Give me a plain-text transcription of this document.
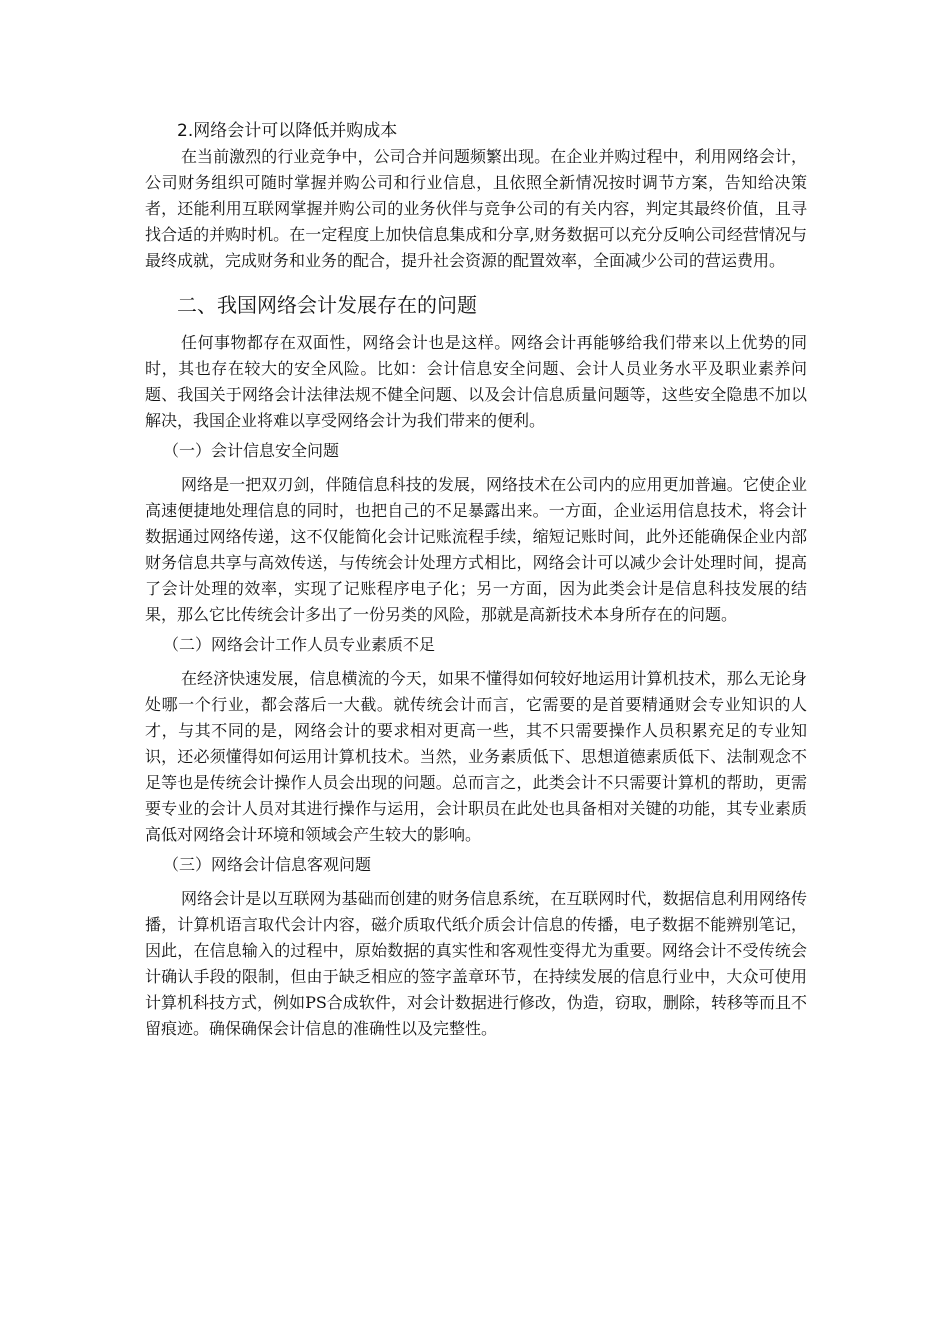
2.网络会计可以降低并购成本
在当前激烈的行业竞争中，公司合并问题频繁出现。在企业并购过程中，利用网络会计，公司财务组织可随时掌握并购公司和行业信息，且依照全新情况按时调节方案，告知给决策者，还能利用互联网掌握并购公司的业务伙伴与竞争公司的有关内容，判定其最终价值，且寻找合适的并购时机。在一定程度上加快信息集成和分享,财务数据可以充分反响公司经营情况与最终成就，完成财务和业务的配合，提升社会资源的配置效率，全面减少公司的营运费用。
二、我国网络会计发展存在的问题
任何事物都存在双面性，网络会计也是这样。网络会计再能够给我们带来以上优势的同时，其也存在较大的安全风险。比如：会计信息安全问题、会计人员业务水平及职业素养问题、我国关于网络会计法律法规不健全问题、以及会计信息质量问题等，这些安全隐患不加以解决，我国企业将难以享受网络会计为我们带来的便利。
（一）会计信息安全问题
网络是一把双刃剑，伴随信息科技的发展，网络技术在公司内的应用更加普遍。它使企业高速便捷地处理信息的同时，也把自己的不足暴露出来。一方面，企业运用信息技术，将会计数据通过网络传递，这不仅能简化会计记账流程手续，缩短记账时间，此外还能确保企业内部财务信息共享与高效传送，与传统会计处理方式相比，网络会计可以减少会计处理时间，提高了会计处理的效率，实现了记账程序电子化；另一方面，因为此类会计是信息科技发展的结果，那么它比传统会计多出了一份另类的风险，那就是高新技术本身所存在的问题。
（二）网络会计工作人员专业素质不足
在经济快速发展，信息横流的今天，如果不懂得如何较好地运用计算机技术，那么无论身处哪一个行业，都会落后一大截。就传统会计而言，它需要的是首要精通财会专业知识的人才，与其不同的是，网络会计的要求相对更高一些，其不只需要操作人员积累充足的专业知识，还必须懂得如何运用计算机技术。当然，业务素质低下、思想道德素质低下、法制观念不足等也是传统会计操作人员会出现的问题。总而言之，此类会计不只需要计算机的帮助，更需要专业的会计人员对其进行操作与运用，会计职员在此处也具备相对关键的功能，其专业素质高低对网络会计环境和领域会产生较大的影响。
（三）网络会计信息客观问题
网络会计是以互联网为基础而创建的财务信息系统，在互联网时代，数据信息利用网络传播，计算机语言取代会计内容，磁介质取代纸介质会计信息的传播，电子数据不能辨别笔记，因此，在信息输入的过程中，原始数据的真实性和客观性变得尤为重要。网络会计不受传统会计确认手段的限制，但由于缺乏相应的签字盖章环节，在持续发展的信息行业中，大众可使用计算机科技方式，例如PS合成软件，对会计数据进行修改，伪造，窃取，删除，转移等而且不留痕迹。确保确保会计信息的准确性以及完整性。
